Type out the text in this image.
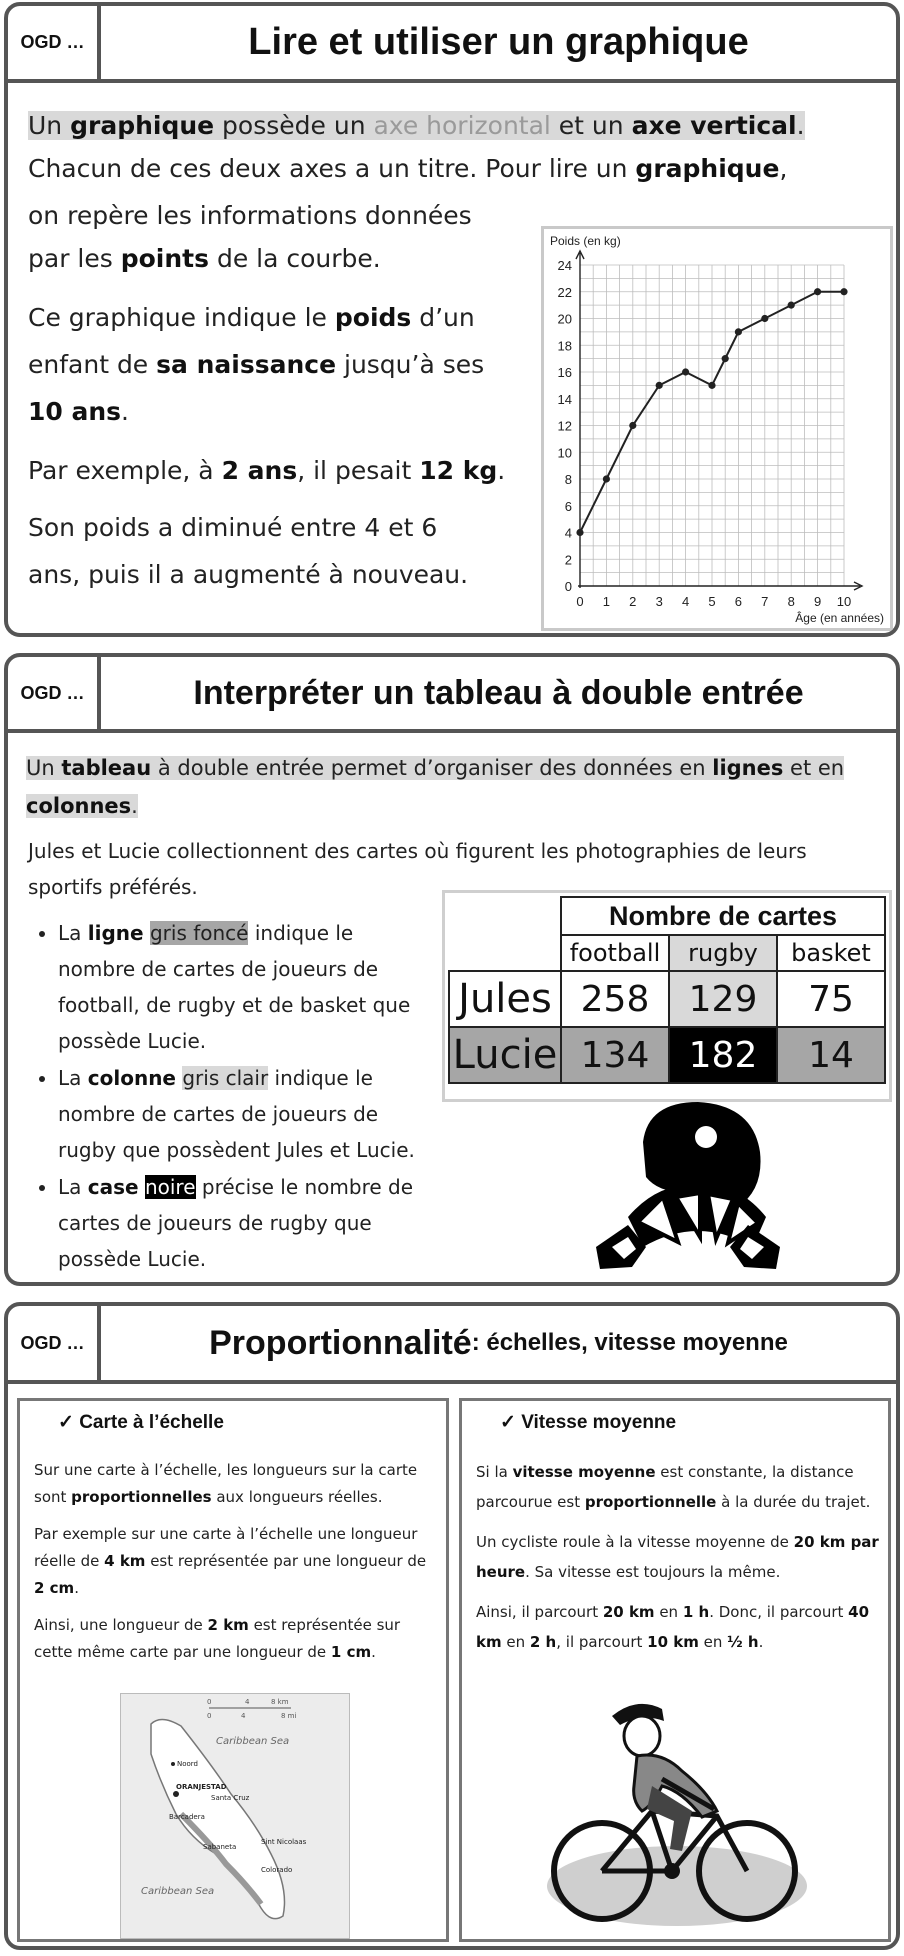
OGD …	Lire et utiliser un graphique
Un graphique possède un axe horizontal et un axe vertical.
Chacun de ces deux axes a un titre. Pour lire un graphique,
on repère les informations données
par les points de la courbe.
Ce graphique indique le poids d’un
enfant de sa naissance jusqu’à ses
10 ans.
Par exemple, à 2 ans, il pesait 12 kg.
Son poids a diminué entre 4 et 6
ans, puis il a augmenté à nouveau.	0
2
4
6
8
10
12
14
16
18
20
22
24
0 1 2 3 4 5 6 7 8 9 10
Poids (en kg)
Âge (en années)
OGD …	Interpréter un tableau à double entrée
Un tableau à double entrée permet d’organiser des données en lignes et en colonnes.
Jules et Lucie collectionnent des cartes où figurent les photographies de leurs sportifs préférés.
• La ligne gris foncé indique le nombre de cartes de joueurs de football, de rugby et de basket que possède Lucie.
• La colonne gris clair indique le nombre de cartes de joueurs de rugby que possèdent Jules et Lucie.
• La case noire précise le nombre de cartes de joueurs de rugby que possède Lucie.
Nombre de cartes
	football	rugby	basket
Jules	258	129	75
Lucie	134	182	14
OGD …	Proportionnalité : échelles, vitesse moyenne
✓ Carte à l’échelle

Sur une carte à l’échelle, les longueurs sur la carte sont proportionnelles aux longueurs réelles.

Par exemple sur une carte à l’échelle une longueur réelle de 4 km est représentée par une longueur de 2 cm.

Ainsi, une longueur de 2 km est représentée sur cette même carte par une longueur de 1 cm.

0	4	8 km
0	4	8 mi
Caribbean Sea
Noord
ORANJESTAD
Santa Cruz
Barcadera
Sabaneta
Sint Nicolaas
Colorado
Caribbean Sea
✓ Vitesse moyenne

Si la vitesse moyenne est constante, la distance parcourue est proportionnelle à la durée du trajet.

Un cycliste roule à la vitesse moyenne de 20 km par heure. Sa vitesse est toujours la même.

Ainsi, il parcourt 20 km en 1 h. Donc, il parcourt 40 km en 2 h, il parcourt 10 km en ½ h.
